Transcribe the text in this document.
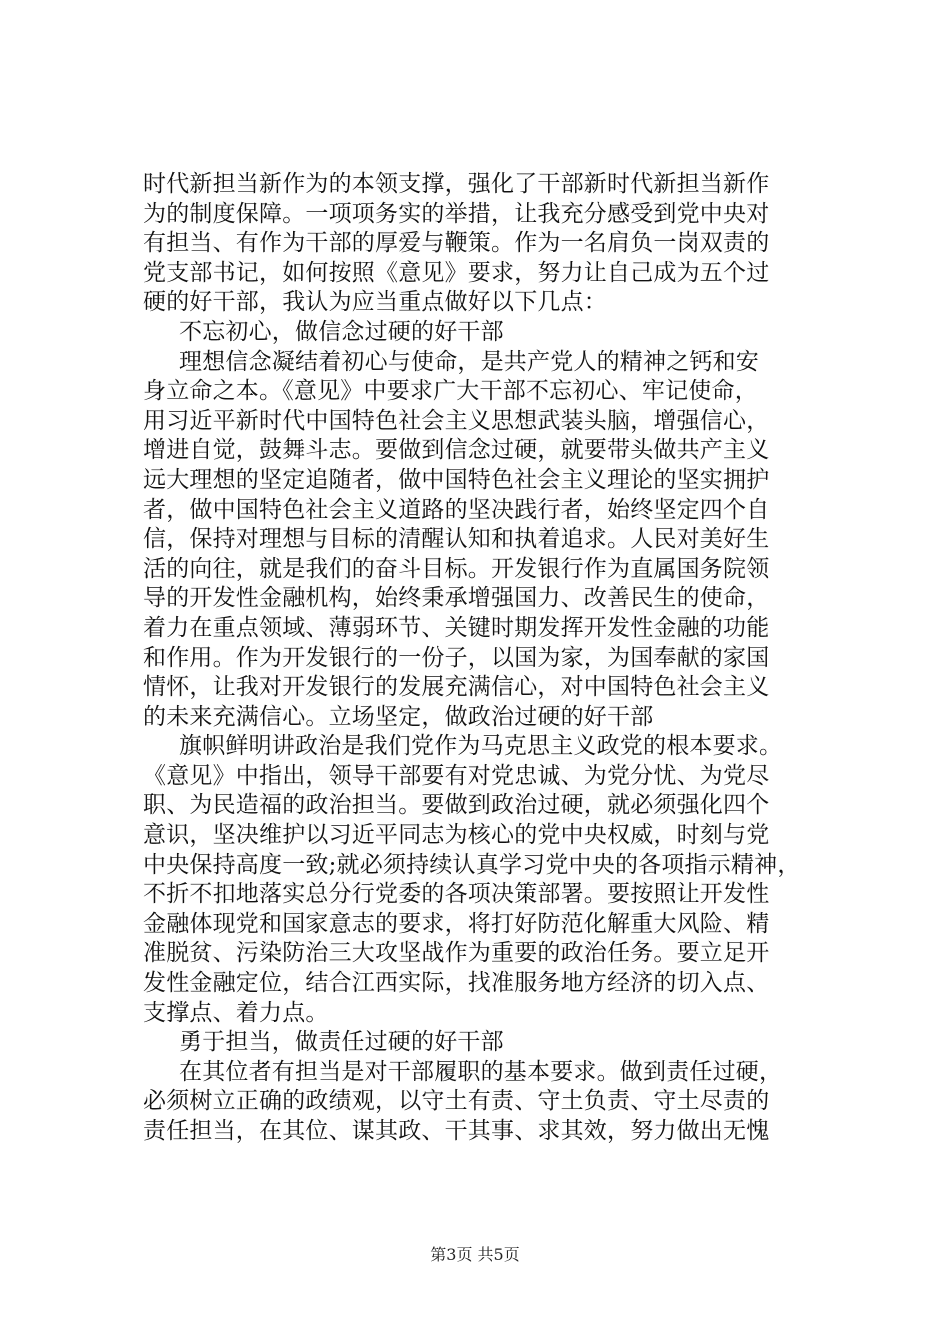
时代新担当新作为的本领支撑，强化了干部新时代新担当新作
为的制度保障。一项项务实的举措，让我充分感受到党中央对
有担当、有作为干部的厚爱与鞭策。作为一名肩负一岗双责的
党支部书记，如何按照《意见》要求，努力让自己成为五个过
硬的好干部，我认为应当重点做好以下几点：
不忘初心，做信念过硬的好干部
理想信念凝结着初心与使命，是共产党人的精神之钙和安
身立命之本。《意见》中要求广大干部不忘初心、牢记使命，
用习近平新时代中国特色社会主义思想武装头脑，增强信心，
增进自觉，鼓舞斗志。要做到信念过硬，就要带头做共产主义
远大理想的坚定追随者，做中国特色社会主义理论的坚实拥护
者，做中国特色社会主义道路的坚决践行者，始终坚定四个自
信，保持对理想与目标的清醒认知和执着追求。人民对美好生
活的向往，就是我们的奋斗目标。开发银行作为直属国务院领
导的开发性金融机构，始终秉承增强国力、改善民生的使命，
着力在重点领域、薄弱环节、关键时期发挥开发性金融的功能
和作用。作为开发银行的一份子，以国为家，为国奉献的家国
情怀，让我对开发银行的发展充满信心，对中国特色社会主义
的未来充满信心。立场坚定，做政治过硬的好干部
旗帜鲜明讲政治是我们党作为马克思主义政党的根本要求。
《意见》中指出，领导干部要有对党忠诚、为党分忧、为党尽
职、为民造福的政治担当。要做到政治过硬，就必须强化四个
意识，坚决维护以习近平同志为核心的党中央权威，时刻与党
中央保持高度一致;就必须持续认真学习党中央的各项指示精神，
不折不扣地落实总分行党委的各项决策部署。要按照让开发性
金融体现党和国家意志的要求，将打好防范化解重大风险、精
准脱贫、污染防治三大攻坚战作为重要的政治任务。要立足开
发性金融定位，结合江西实际，找准服务地方经济的切入点、
支撑点、着力点。
勇于担当，做责任过硬的好干部
在其位者有担当是对干部履职的基本要求。做到责任过硬，
必须树立正确的政绩观，以守土有责、守土负责、守土尽责的
责任担当，在其位、谋其政、干其事、求其效，努力做出无愧
第3页 共5页
